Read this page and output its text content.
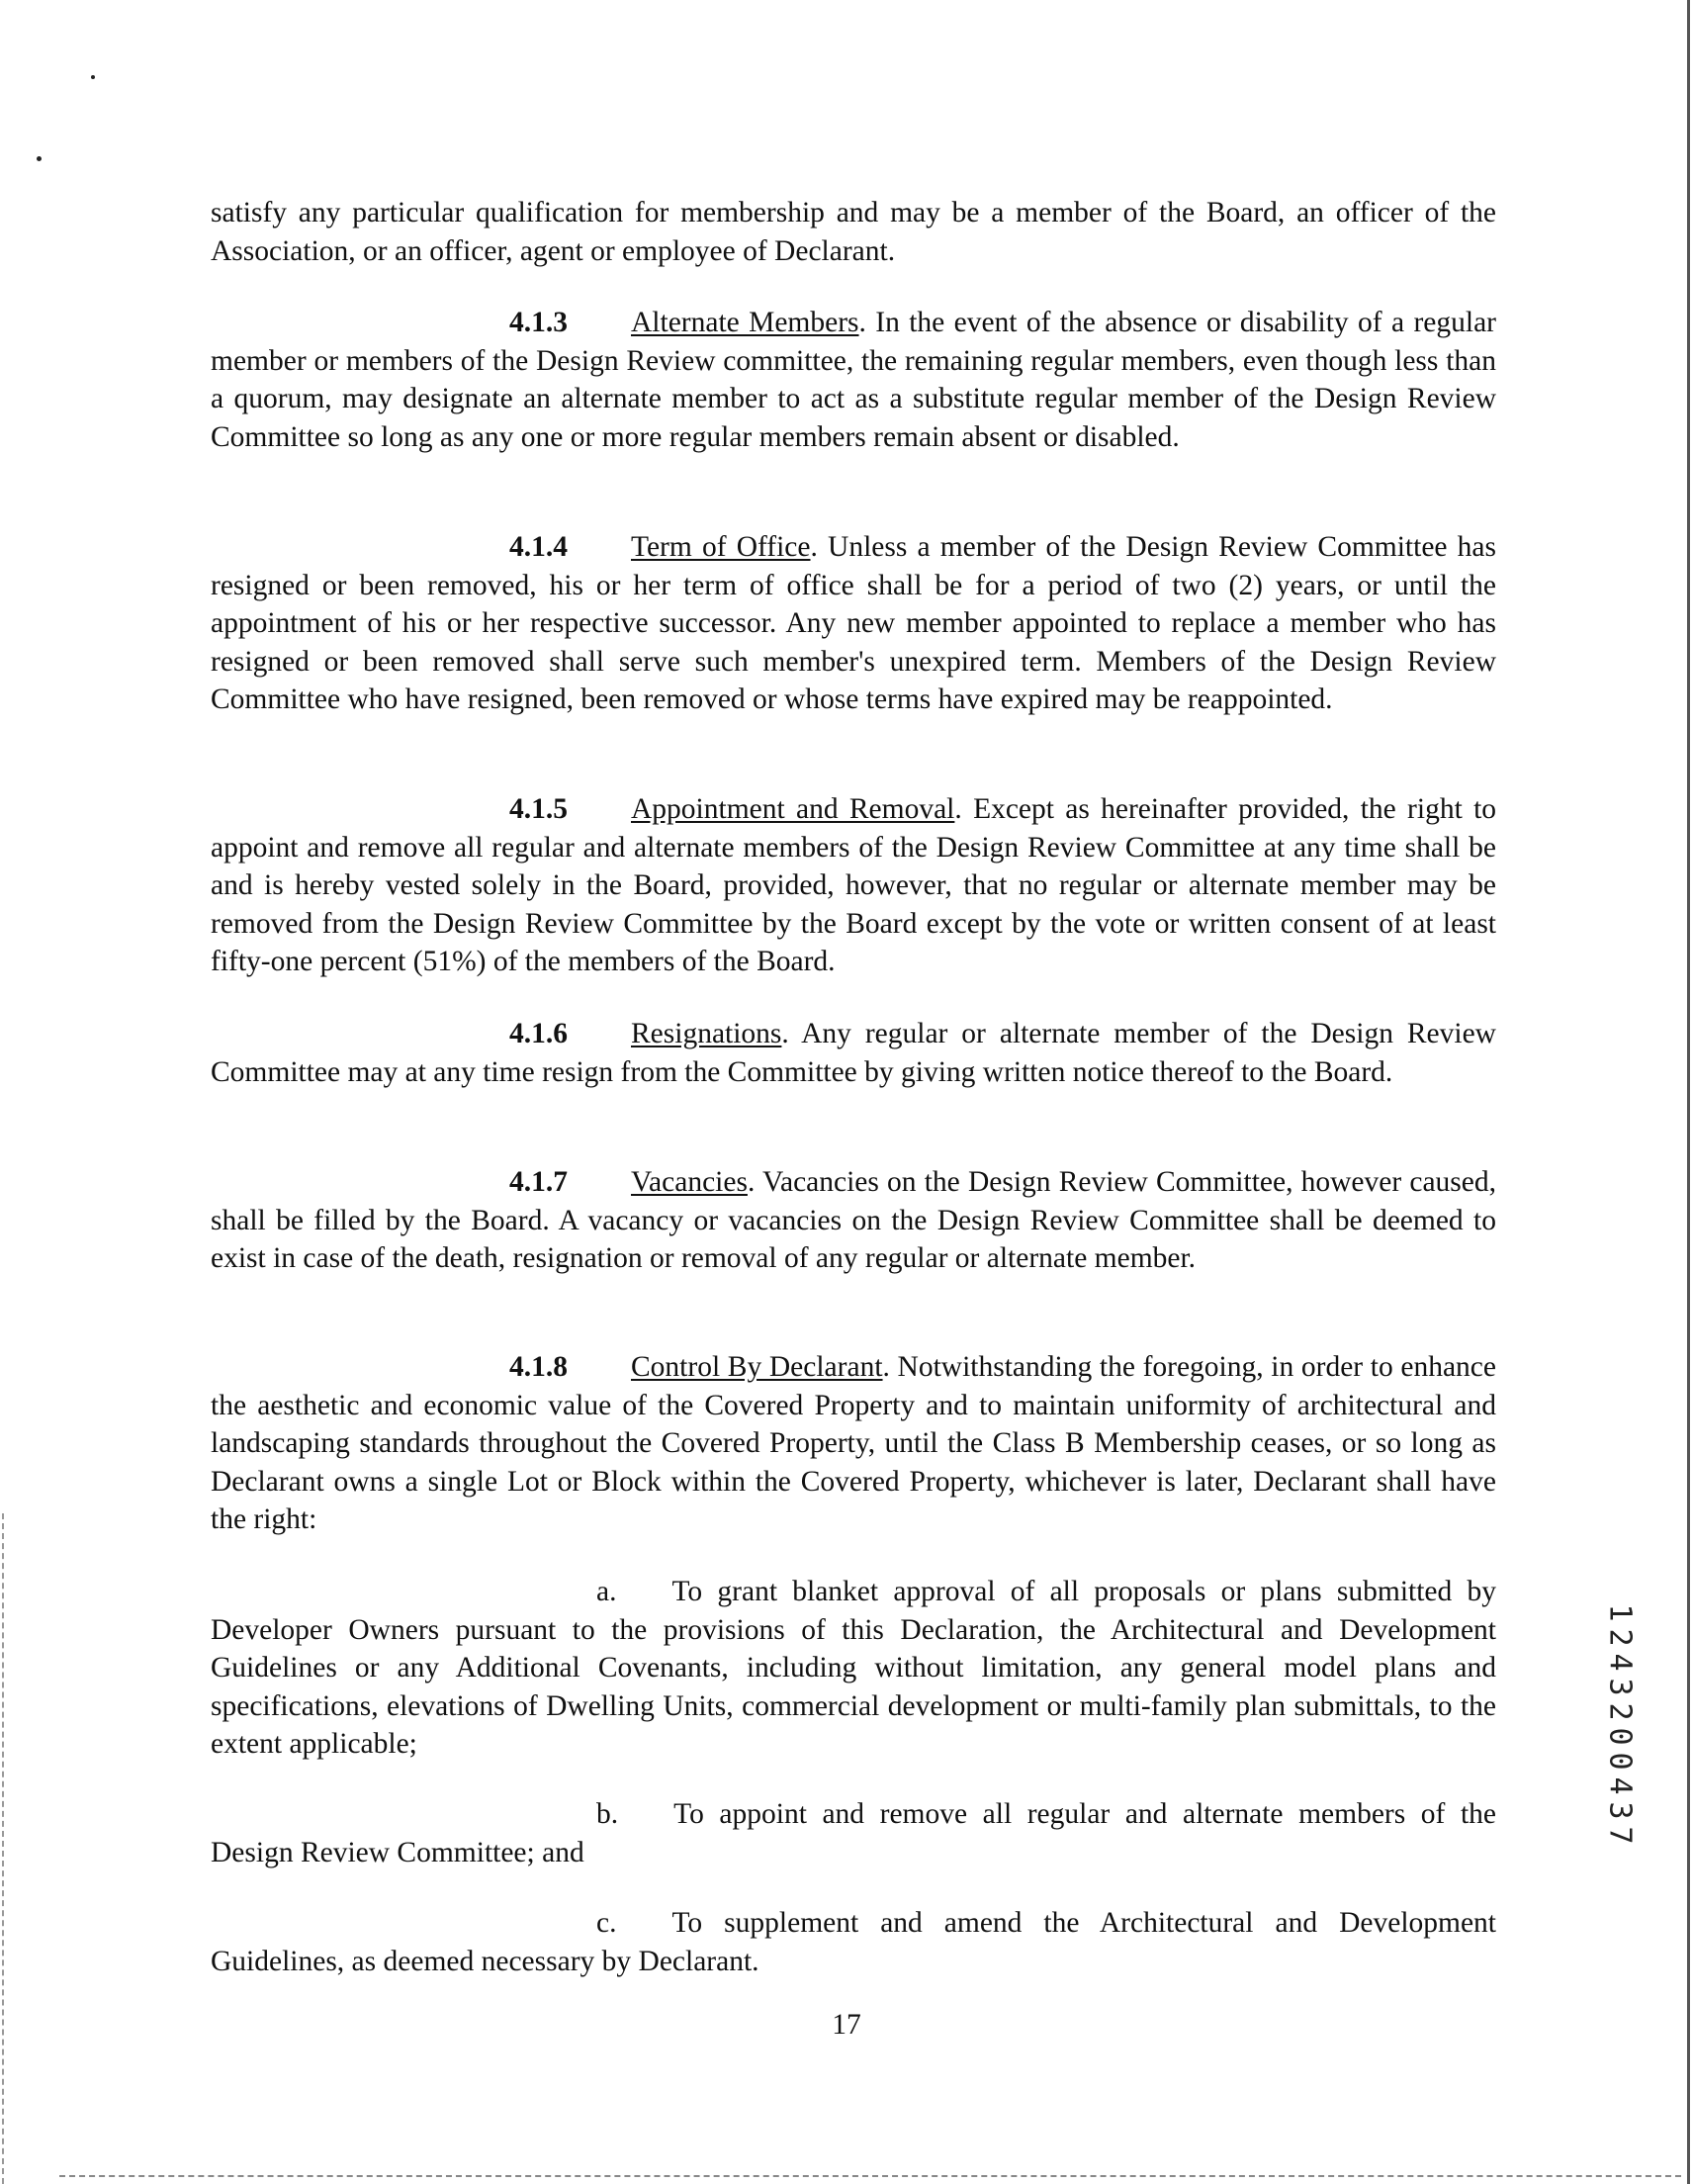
satisfy any particular qualification for membership and may be a member of the Board, an officer of the Association, or an officer, agent or employee of Declarant.

4.1.3 Alternate Members. In the event of the absence or disability of a regular member or members of the Design Review committee, the remaining regular members, even though less than a quorum, may designate an alternate member to act as a substitute regular member of the Design Review Committee so long as any one or more regular members remain absent or disabled.

4.1.4 Term of Office. Unless a member of the Design Review Committee has resigned or been removed, his or her term of office shall be for a period of two (2) years, or until the appointment of his or her respective successor. Any new member appointed to replace a member who has resigned or been removed shall serve such member's unexpired term. Members of the Design Review Committee who have resigned, been removed or whose terms have expired may be reappointed.

4.1.5 Appointment and Removal. Except as hereinafter provided, the right to appoint and remove all regular and alternate members of the Design Review Committee at any time shall be and is hereby vested solely in the Board, provided, however, that no regular or alternate member may be removed from the Design Review Committee by the Board except by the vote or written consent of at least fifty-one percent (51%) of the members of the Board.

4.1.6 Resignations. Any regular or alternate member of the Design Review Committee may at any time resign from the Committee by giving written notice thereof to the Board.

4.1.7 Vacancies. Vacancies on the Design Review Committee, however caused, shall be filled by the Board. A vacancy or vacancies on the Design Review Committee shall be deemed to exist in case of the death, resignation or removal of any regular or alternate member.

4.1.8 Control By Declarant. Notwithstanding the foregoing, in order to enhance the aesthetic and economic value of the Covered Property and to maintain uniformity of architectural and landscaping standards throughout the Covered Property, until the Class B Membership ceases, or so long as Declarant owns a single Lot or Block within the Covered Property, whichever is later, Declarant shall have the right:

a. To grant blanket approval of all proposals or plans submitted by Developer Owners pursuant to the provisions of this Declaration, the Architectural and Development Guidelines or any Additional Covenants, including without limitation, any general model plans and specifications, elevations of Dwelling Units, commercial development or multi-family plan submittals, to the extent applicable;

b. To appoint and remove all regular and alternate members of the Design Review Committee; and

c. To supplement and amend the Architectural and Development Guidelines, as deemed necessary by Declarant.

17
1
2
4
3
2
0
0
4
3
7
